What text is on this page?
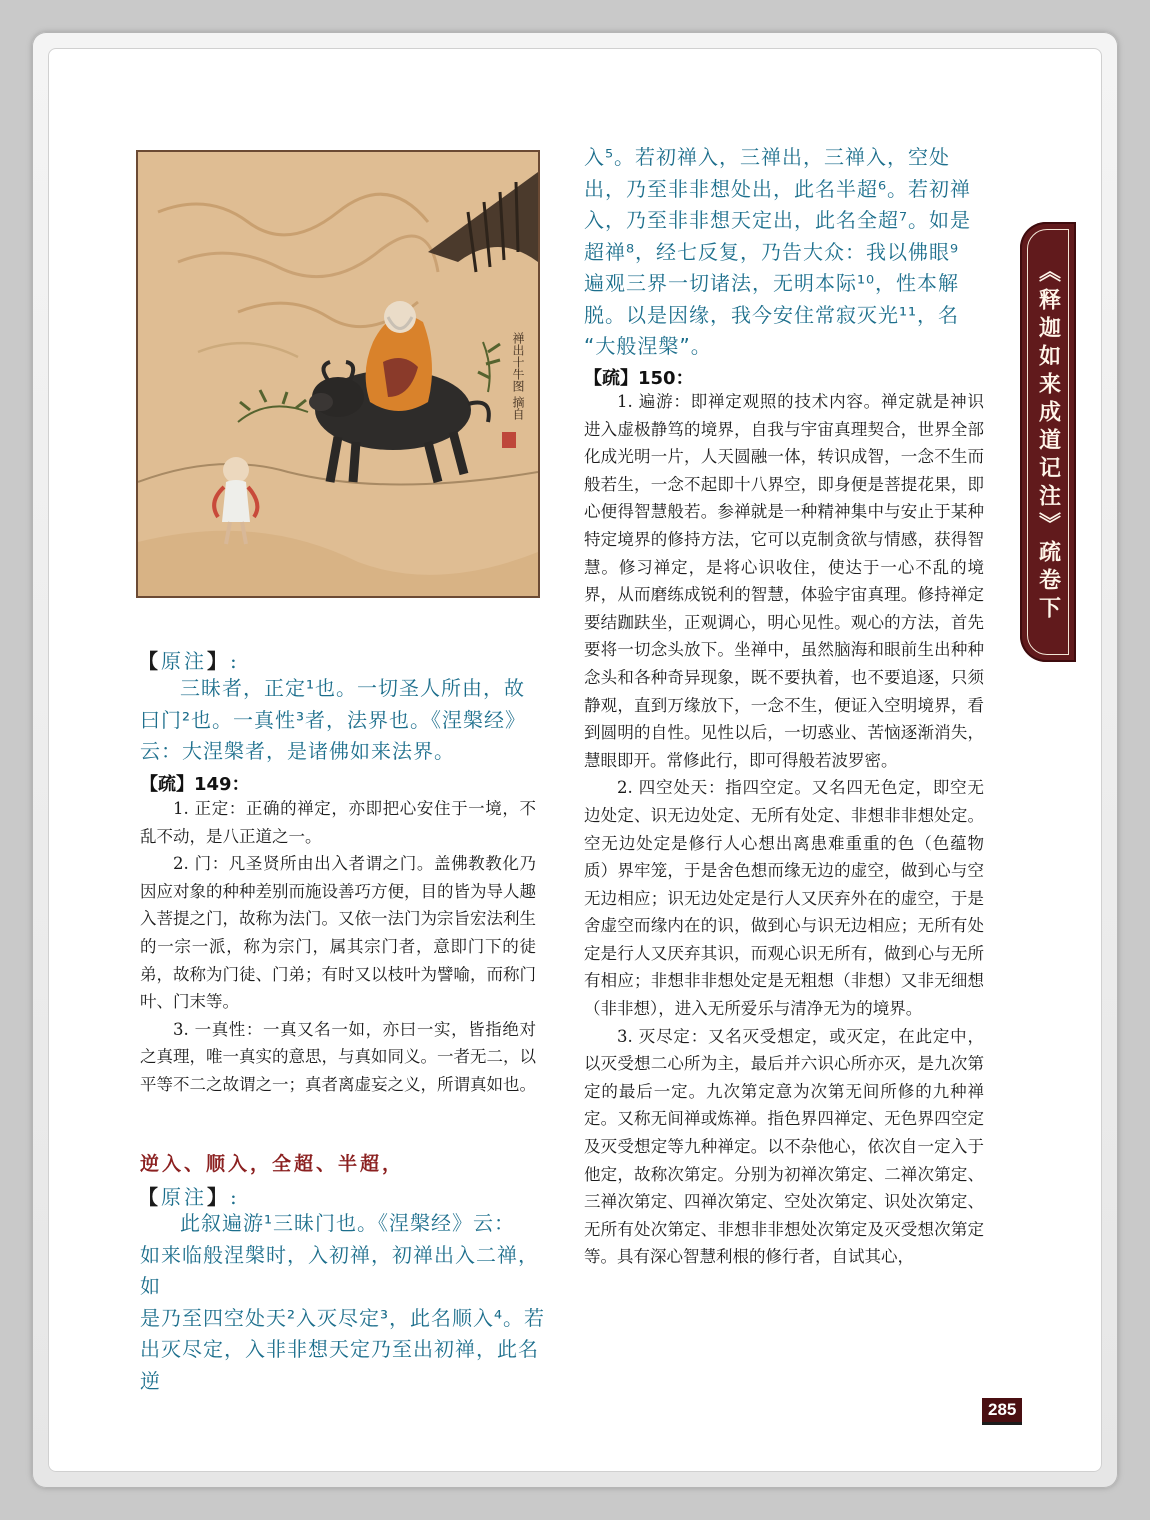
禅出十牛图 摘自
【原注】:

三昧者，正定¹也。一切圣人所由，故

曰门²也。一真性³者，法界也。《涅槃经》

云：大涅槃者，是诸佛如来法界。

【疏】149：

1. 正定：正确的禅定，亦即把心安住于一境，不乱不动，是八正道之一。

2. 门：凡圣贤所由出入者谓之门。盖佛教教化乃因应对象的种种差别而施设善巧方便，目的皆为导人趣入菩提之门，故称为法门。又依一法门为宗旨宏法利生的一宗一派，称为宗门，属其宗门者，意即门下的徒弟，故称为门徒、门弟；有时又以枝叶为譬喻，而称门叶、门末等。

3. 一真性：一真又名一如，亦曰一实，皆指绝对之真理，唯一真实的意思，与真如同义。一者无二，以平等不二之故谓之一；真者离虚妄之义，所谓真如也。

逆入、顺入，全超、半超，
【原注】:

此叙遍游¹三昧门也。《涅槃经》云：

如来临般涅槃时，入初禅，初禅出入二禅，如

是乃至四空处天²入灭尽定³，此名顺入⁴。若

出灭尽定，入非非想天定乃至出初禅，此名逆

入⁵。若初禅入，三禅出，三禅入，空处

出，乃至非非想处出，此名半超⁶。若初禅

入，乃至非非想天定出，此名全超⁷。如是

超禅⁸，经七反复，乃告大众：我以佛眼⁹

遍观三界一切诸法，无明本际¹⁰，性本解

脱。以是因缘，我今安住常寂灭光¹¹，名

“大般涅槃”。

【疏】150：

1. 遍游：即禅定观照的技术内容。禅定就是神识进入虚极静笃的境界，自我与宇宙真理契合，世界全部化成光明一片，人天圆融一体，转识成智，一念不生而般若生，一念不起即十八界空，即身便是菩提花果，即心便得智慧般若。参禅就是一种精神集中与安止于某种特定境界的修持方法，它可以克制贪欲与情感，获得智慧。修习禅定，是将心识收住，使达于一心不乱的境界，从而磨练成锐利的智慧，体验宇宙真理。修持禅定要结跏趺坐，正观调心，明心见性。观心的方法，首先要将一切念头放下。坐禅中，虽然脑海和眼前生出种种念头和各种奇异现象，既不要执着，也不要追逐，只须静观，直到万缘放下，一念不生，便证入空明境界，看到圆明的自性。见性以后，一切惑业、苦恼逐渐消失，慧眼即开。常修此行，即可得般若波罗密。

2. 四空处天：指四空定。又名四无色定，即空无边处定、识无边处定、无所有处定、非想非非想处定。空无边处定是修行人心想出离患难重重的色（色蕴物质）界牢笼，于是舍色想而缘无边的虚空，做到心与空无边相应；识无边处定是行人又厌弃外在的虚空，于是舍虚空而缘内在的识，做到心与识无边相应；无所有处定是行人又厌弃其识，而观心识无所有，做到心与无所有相应；非想非非想处定是无粗想（非想）又非无细想（非非想），进入无所爱乐与清净无为的境界。

3. 灭尽定：又名灭受想定，或灭定，在此定中，以灭受想二心所为主，最后并六识心所亦灭，是九次第定的最后一定。九次第定意为次第无间所修的九种禅定。又称无间禅或炼禅。指色界四禅定、无色界四空定及灭受想定等九种禅定。以不杂他心，依次自一定入于他定，故称次第定。分别为初禅次第定、二禅次第定、三禅次第定、四禅次第定、空处次第定、识处次第定、无所有处次第定、非想非非想处次第定及灭受想次第定等。具有深心智慧利根的修行者，自试其心，

《释迦如来成道记注》疏卷下
285
